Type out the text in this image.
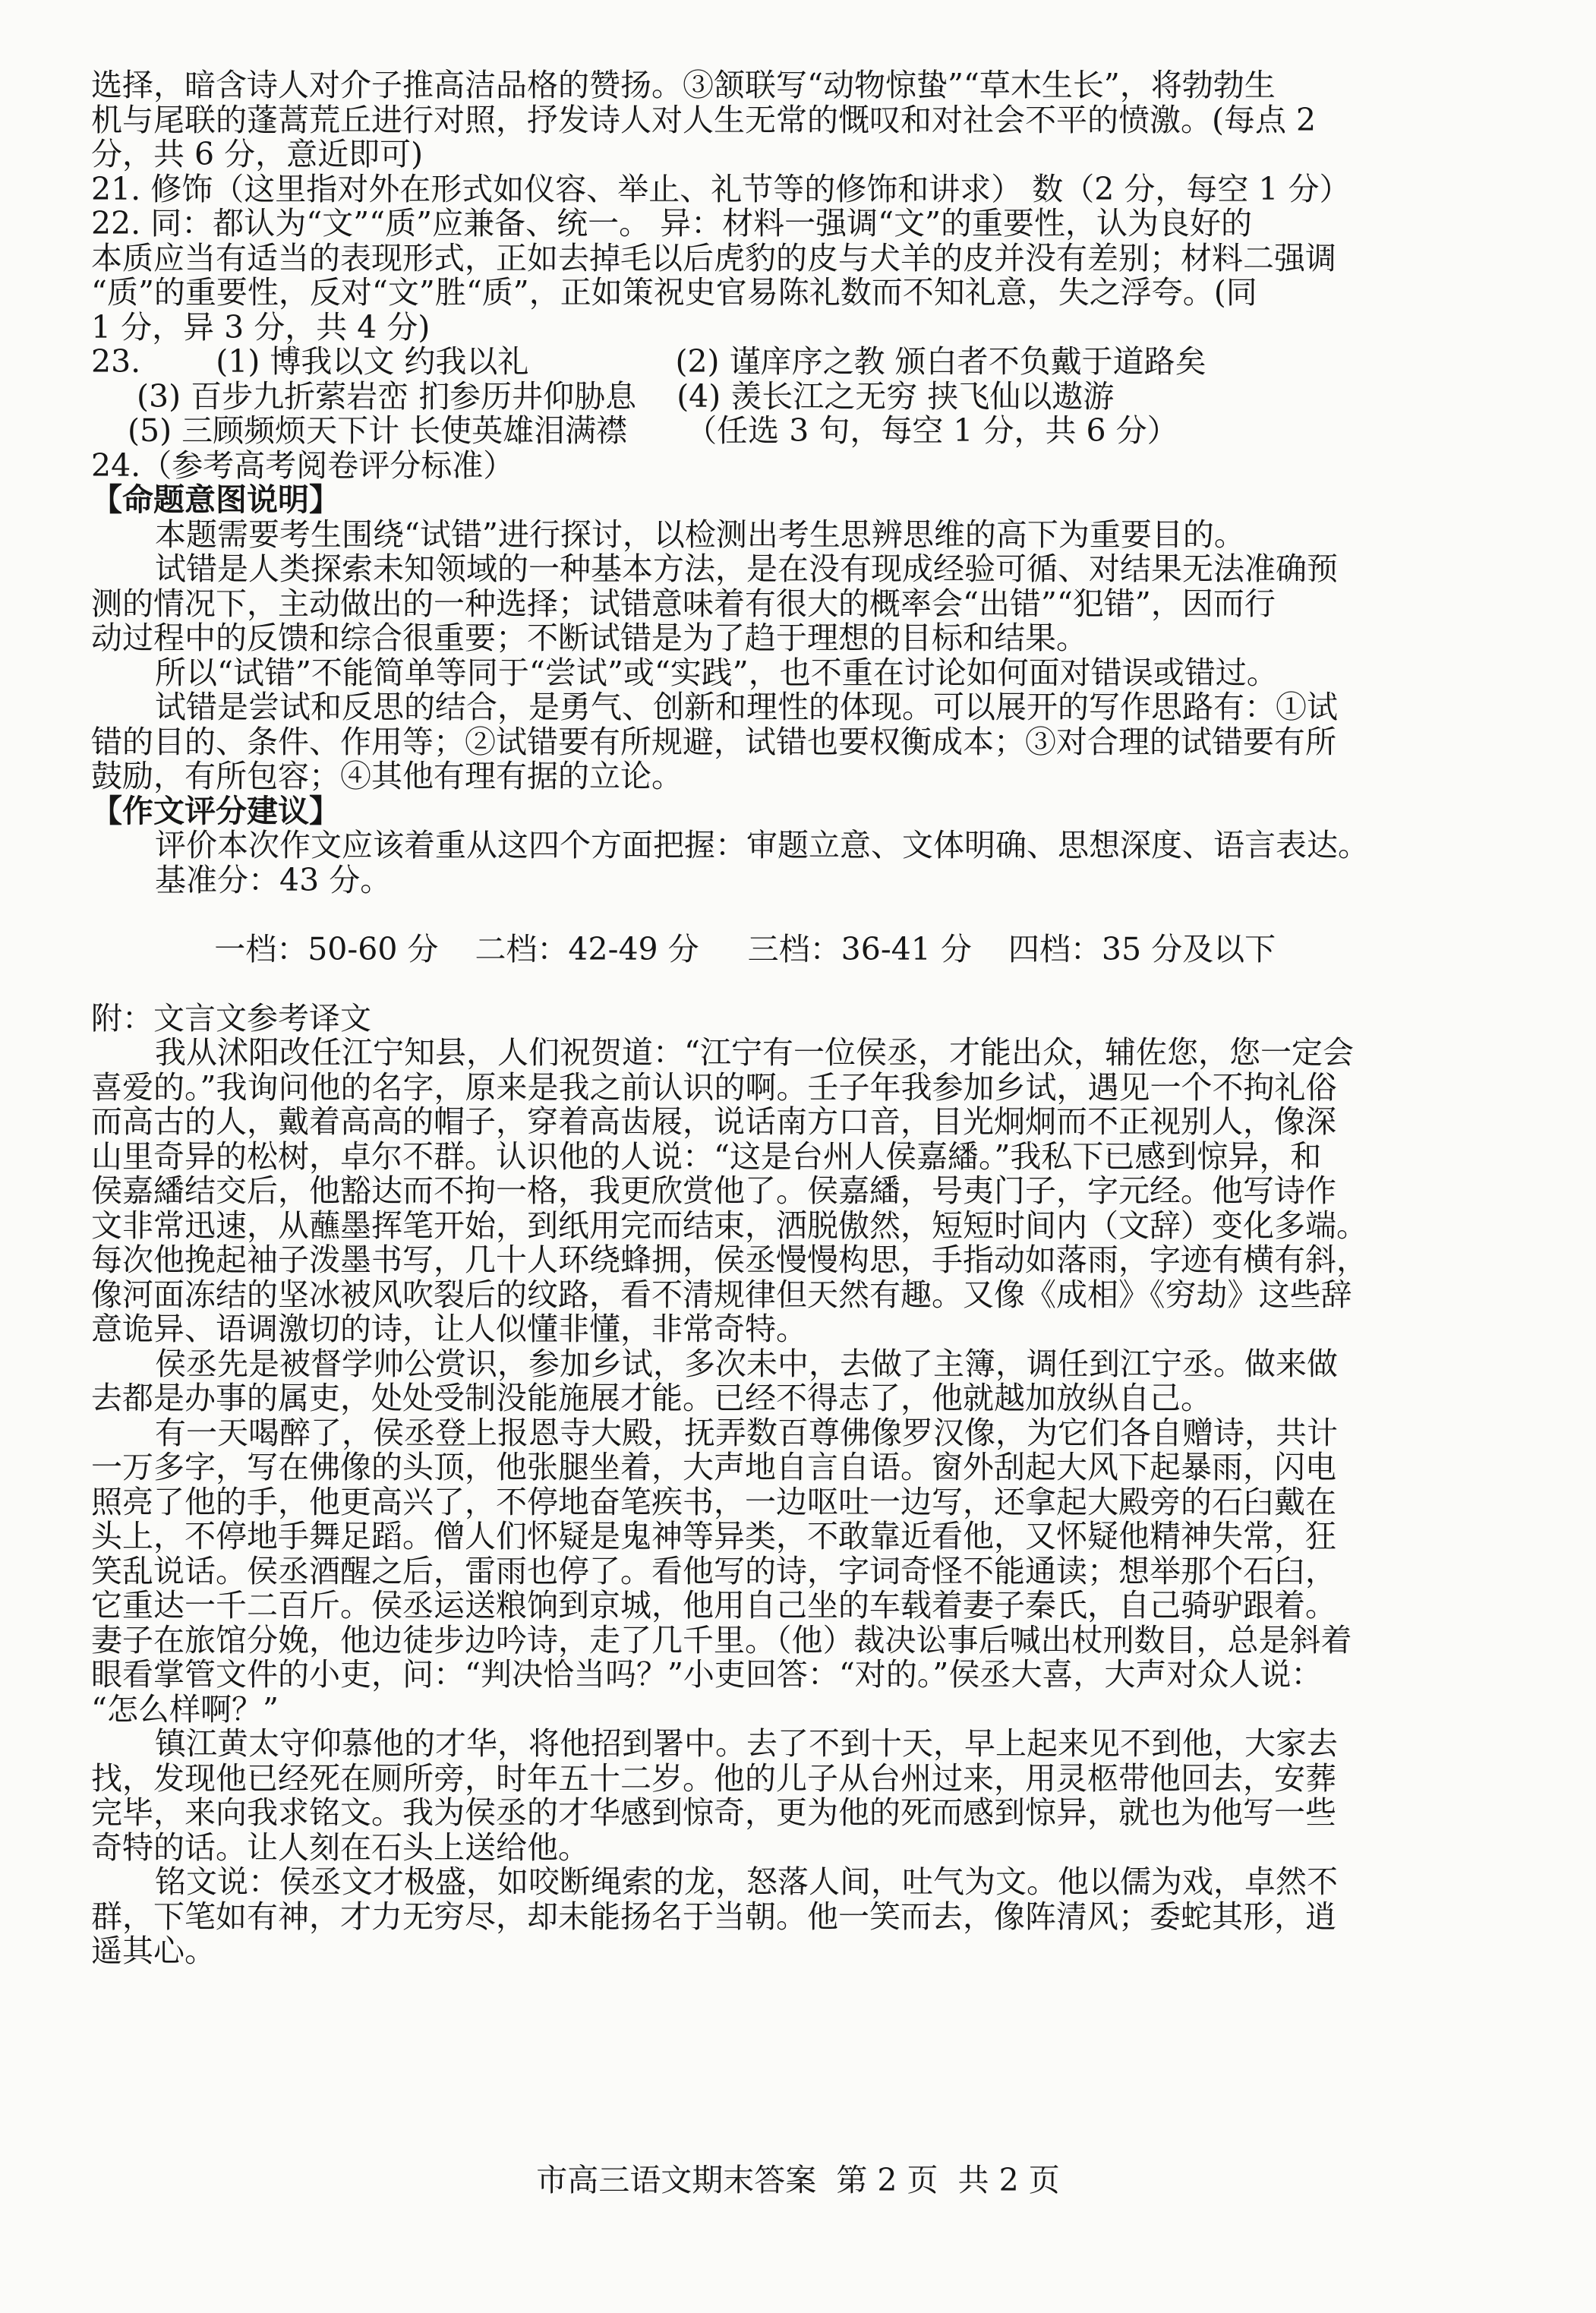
选择，暗含诗人对介子推高洁品格的赞扬。③颔联写“动物惊蛰”“草木生长”，将勃勃生
机与尾联的蓬蒿荒丘进行对照，抒发诗人对人生无常的慨叹和对社会不平的愤激。(每点 2
分，共 6 分，意近即可)
21. 修饰（这里指对外在形式如仪容、举止、礼节等的修饰和讲求） 数（2 分，每空 1 分）
22. 同：都认为“文”“质”应兼备、统一。 异：材料一强调“文”的重要性，认为良好的
本质应当有适当的表现形式，正如去掉毛以后虎豹的皮与犬羊的皮并没有差别；材料二强调
“质”的重要性，反对“文”胜“质”，正如策祝史官易陈礼数而不知礼意，失之浮夸。(同
1 分，异 3 分，共 4 分)
23. (1) 博我以文 约我以礼	(2) 谨庠序之教 颁白者不负戴于道路矣
(3) 百步九折萦岩峦 扪参历井仰胁息 (4) 羡长江之无穷 挟飞仙以遨游
(5) 三顾频烦天下计 长使英雄泪满襟 （任选 3 句，每空 1 分，共 6 分）
24.（参考高考阅卷评分标准）
【命题意图说明】
本题需要考生围绕“试错”进行探讨，以检测出考生思辨思维的高下为重要目的。
试错是人类探索未知领域的一种基本方法，是在没有现成经验可循、对结果无法准确预
测的情况下，主动做出的一种选择；试错意味着有很大的概率会“出错”“犯错”，因而行
动过程中的反馈和综合很重要；不断试错是为了趋于理想的目标和结果。
所以“试错”不能简单等同于“尝试”或“实践”，也不重在讨论如何面对错误或错过。
试错是尝试和反思的结合，是勇气、创新和理性的体现。可以展开的写作思路有：①试
错的目的、条件、作用等；②试错要有所规避，试错也要权衡成本；③对合理的试错要有所
鼓励，有所包容；④其他有理有据的立论。
【作文评分建议】
评价本次作文应该着重从这四个方面把握：审题立意、文体明确、思想深度、语言表达。
基准分：43 分。

一档：50-60 分 二档：42-49 分 三档：36-41 分 四档：35 分及以下

附：文言文参考译文
我从沭阳改任江宁知县，人们祝贺道：“江宁有一位侯丞，才能出众，辅佐您，您一定会
喜爱的。”我询问他的名字，原来是我之前认识的啊。壬子年我参加乡试，遇见一个不拘礼俗
而高古的人，戴着高高的帽子，穿着高齿屐，说话南方口音，目光炯炯而不正视别人，像深
山里奇异的松树，卓尔不群。认识他的人说：“这是台州人侯嘉繙。”我私下已感到惊异，和
侯嘉繙结交后，他豁达而不拘一格，我更欣赏他了。侯嘉繙，号夷门子，字元经。他写诗作
文非常迅速，从蘸墨挥笔开始，到纸用完而结束，洒脱傲然，短短时间内（文辞）变化多端。
每次他挽起袖子泼墨书写，几十人环绕蜂拥，侯丞慢慢构思，手指动如落雨，字迹有横有斜，
像河面冻结的坚冰被风吹裂后的纹路，看不清规律但天然有趣。又像《成相》《穷劫》这些辞
意诡异、语调激切的诗，让人似懂非懂，非常奇特。
侯丞先是被督学帅公赏识，参加乡试，多次未中，去做了主簿，调任到江宁丞。做来做
去都是办事的属吏，处处受制没能施展才能。已经不得志了，他就越加放纵自己。
有一天喝醉了，侯丞登上报恩寺大殿，抚弄数百尊佛像罗汉像，为它们各自赠诗，共计
一万多字，写在佛像的头顶，他张腿坐着，大声地自言自语。窗外刮起大风下起暴雨，闪电
照亮了他的手，他更高兴了，不停地奋笔疾书，一边呕吐一边写，还拿起大殿旁的石臼戴在
头上，不停地手舞足蹈。僧人们怀疑是鬼神等异类，不敢靠近看他，又怀疑他精神失常，狂
笑乱说话。侯丞酒醒之后，雷雨也停了。看他写的诗，字词奇怪不能通读；想举那个石臼，
它重达一千二百斤。侯丞运送粮饷到京城，他用自己坐的车载着妻子秦氏，自己骑驴跟着。
妻子在旅馆分娩，他边徒步边吟诗，走了几千里。（他）裁决讼事后喊出杖刑数目，总是斜着
眼看掌管文件的小吏，问：“判决恰当吗？”小吏回答：“对的。”侯丞大喜，大声对众人说：
“怎么样啊？”
镇江黄太守仰慕他的才华，将他招到署中。去了不到十天，早上起来见不到他，大家去
找，发现他已经死在厕所旁，时年五十二岁。他的儿子从台州过来，用灵柩带他回去，安葬
完毕，来向我求铭文。我为侯丞的才华感到惊奇，更为他的死而感到惊异，就也为他写一些
奇特的话。让人刻在石头上送给他。
铭文说：侯丞文才极盛，如咬断绳索的龙，怒落人间，吐气为文。他以儒为戏，卓然不
群，下笔如有神，才力无穷尽，却未能扬名于当朝。他一笑而去，像阵清风；委蛇其形，逍
遥其心。
市高三语文期末答案  第 2 页  共 2 页
